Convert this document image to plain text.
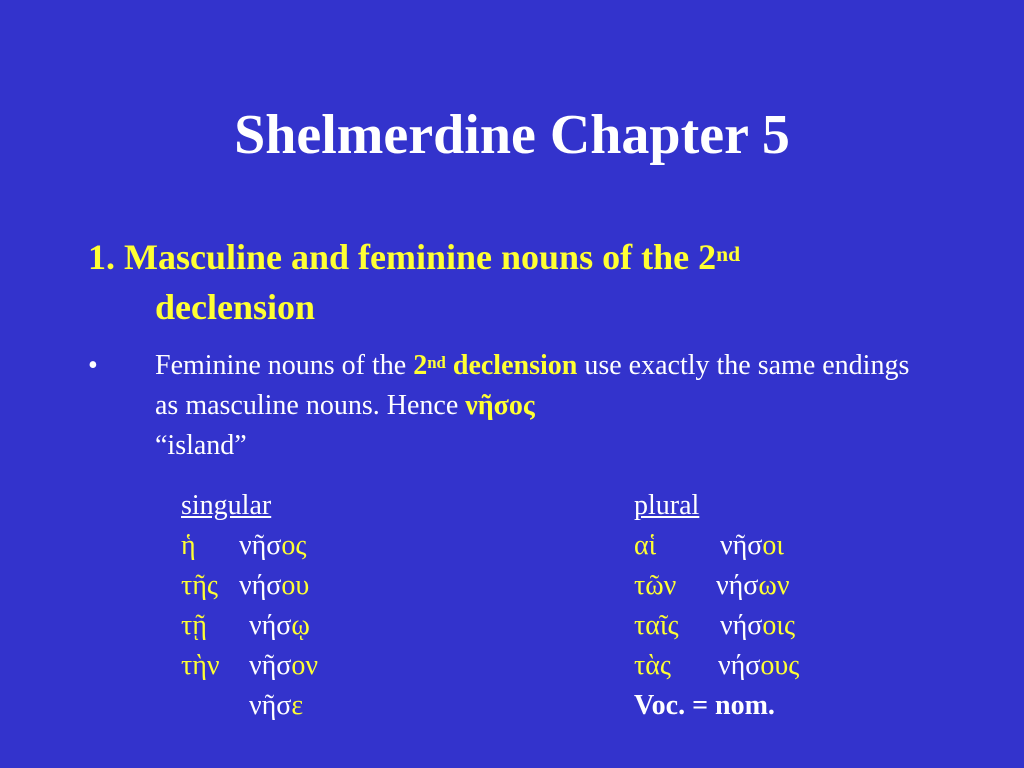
Shelmerdine Chapter 5
1. Masculine and feminine nouns of the 2nd
declension
• Feminine nouns of the 2nd declension use exactly the same endings as masculine nouns. Hence νῆσος
“island”
singular
ἡ νῆσος
τῆς νήσου
τῇ νήσῳ
τὴν νῆσον
νῆσε
plural
αἱ νῆσοι
τῶν νήσων
ταῖς νήσοις
τὰς νήσους
Voc. = nom.
